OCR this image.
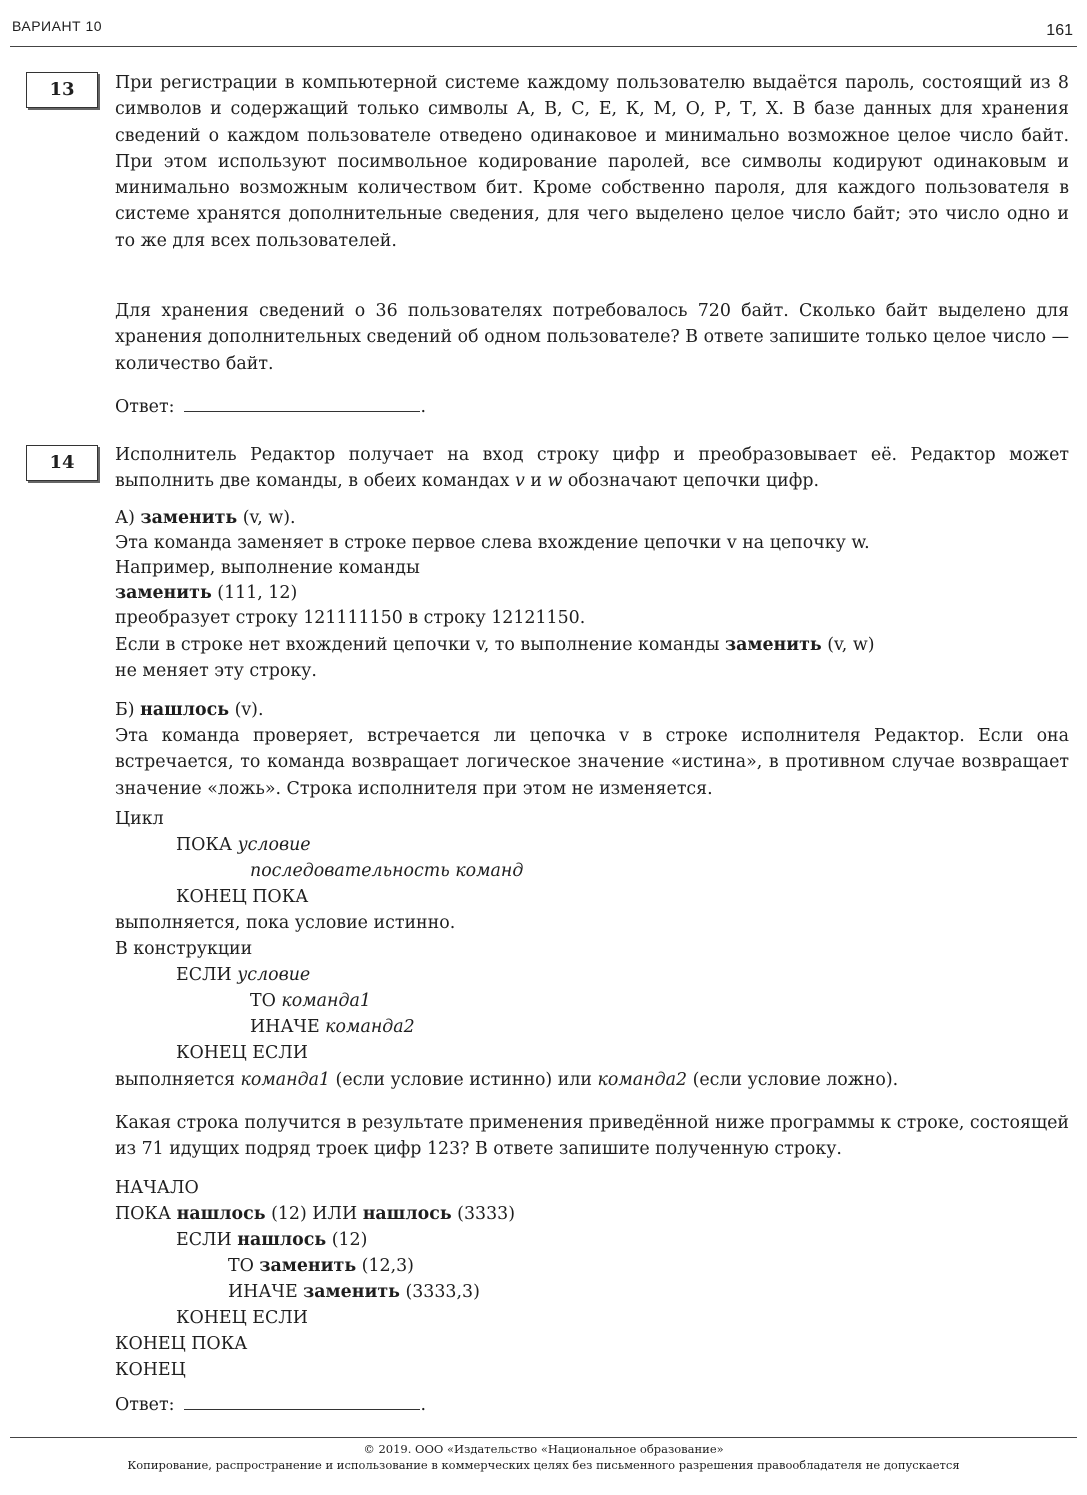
ВАРИАНТ 10	161
13	При регистрации в компьютерной системе каждому пользователю выдаётся пароль, состоящий из 8 символов и содержащий только символы А, В, С, Е, К, М, О, Р, Т, Х. В базе данных для хранения сведений о каждом пользователе отведено одинаковое и минимально возможное целое число байт. При этом используют посимвольное кодирование паролей, все символы кодируют одинаковым и минимально возможным количеством бит. Кроме собственно пароля, для каждого пользователя в системе хранятся дополнительные сведения, для чего выделено целое число байт; это число одно и то же для всех пользователей.

Для хранения сведений о 36 пользователях потребовалось 720 байт. Сколько байт выделено для хранения дополнительных сведений об одном пользователе? В ответе запишите только целое число — количество байт.

Ответ:	.
14	Исполнитель Редактор получает на вход строку цифр и преобразовывает её. Редактор может выполнить две команды, в обеих командах v и w обозначают цепочки цифр.

А) заменить (v, w).
Эта команда заменяет в строке первое слева вхождение цепочки v на цепочку w.
Например, выполнение команды
заменить (111, 12)
преобразует строку 121111150 в строку 12121150.
Если в строке нет вхождений цепочки v, то выполнение команды заменить (v, w)
не меняет эту строку.
Б) нашлось (v).

Эта команда проверяет, встречается ли цепочка v в строке исполнителя Редактор. Если она встречается, то команда возвращает логическое значение «истина», в противном случае возвращает значение «ложь». Строка исполнителя при этом не изменяется.

Цикл
ПОКА условие
последовательность команд
КОНЕЦ ПОКА
выполняется, пока условие истинно.
В конструкции
ЕСЛИ условие
ТО команда1
ИНАЧЕ команда2
КОНЕЦ ЕСЛИ
выполняется команда1 (если условие истинно) или команда2 (если условие ложно).

Какая строка получится в результате применения приведённой ниже программы к строке, состоящей из 71 идущих подряд троек цифр 123? В ответе запишите полученную строку.

НАЧАЛО
ПОКА нашлось (12) ИЛИ нашлось (3333)
ЕСЛИ нашлось (12)
ТО заменить (12,3)
ИНАЧЕ заменить (3333,3)
КОНЕЦ ЕСЛИ
КОНЕЦ ПОКА
КОНЕЦ
Ответ:	.
© 2019. ООО «Издательство «Национальное образование»
Копирование, распространение и использование в коммерческих целях без письменного разрешения правообладателя не допускается
